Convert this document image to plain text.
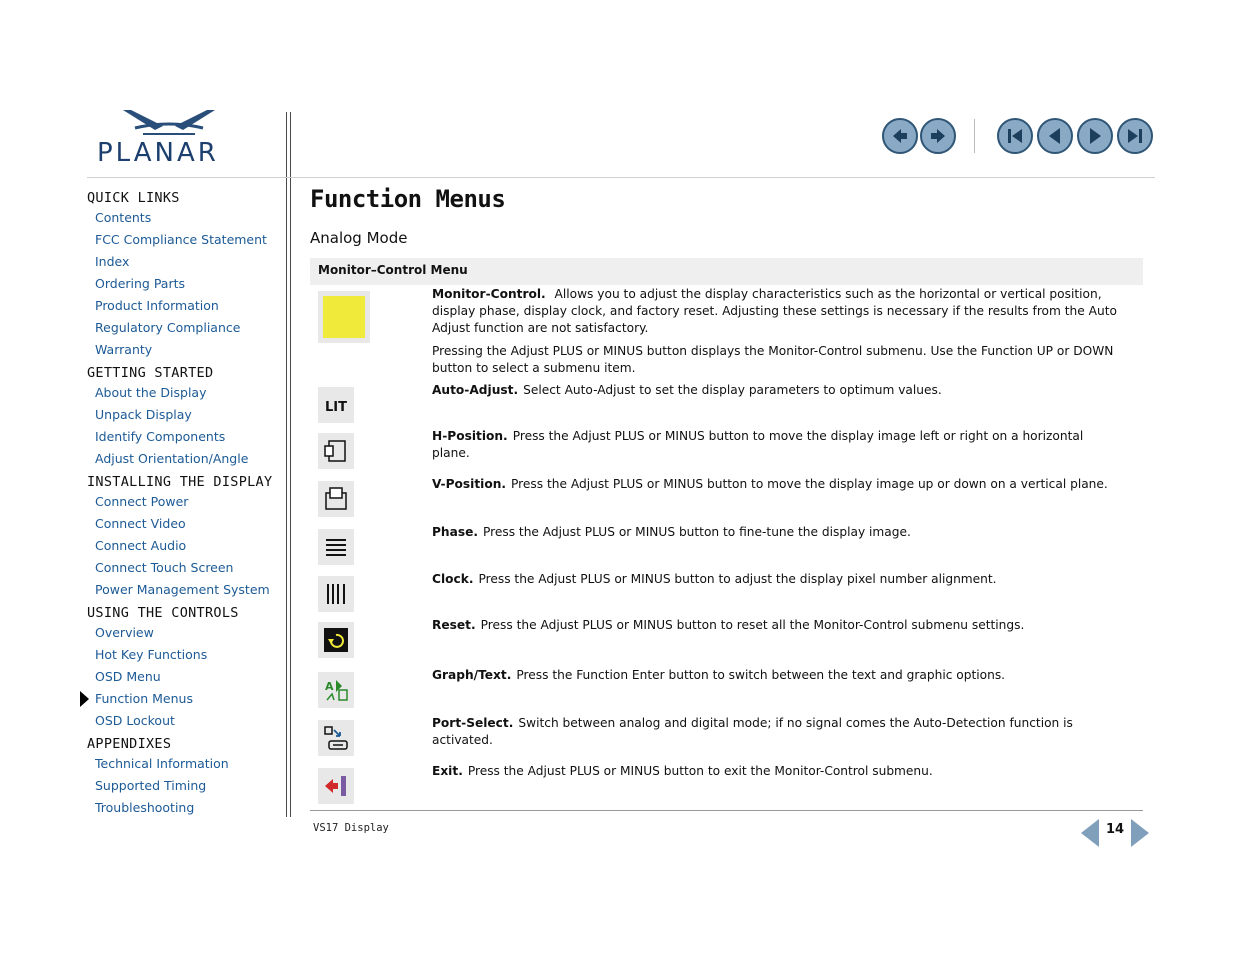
PLANAR
QUICK LINKS
Contents
FCC Compliance Statement
Index
Ordering Parts
Product Information
Regulatory Compliance
Warranty
GETTING STARTED
About the Display
Unpack Display
Identify Components
Adjust Orientation/Angle
INSTALLING THE DISPLAY
Connect Power
Connect Video
Connect Audio
Connect Touch Screen
Power Management System
USING THE CONTROLS
Overview
Hot Key Functions
OSD Menu
Function Menus
OSD Lockout
APPENDIXES
Technical Information
Supported Timing
Troubleshooting
Function Menus
Analog Mode
Monitor–Control Menu
Monitor-Control. Allows you to adjust the display characteristics such as the horizontal or vertical position, display phase, display clock, and factory reset. Adjusting these settings is necessary if the results from the Auto Adjust function are not satisfactory.
Pressing the Adjust PLUS or MINUS button displays the Monitor-Control submenu. Use the Function UP or DOWN button to select a submenu item.
LIT
Auto-Adjust. Select Auto-Adjust to set the display parameters to optimum values.
H-Position. Press the Adjust PLUS or MINUS button to move the display image left or right on a horizontal plane.
V-Position. Press the Adjust PLUS or MINUS button to move the display image up or down on a vertical plane.
Phase. Press the Adjust PLUS or MINUS button to fine-tune the display image.
Clock. Press the Adjust PLUS or MINUS button to adjust the display pixel number alignment.
Reset. Press the Adjust PLUS or MINUS button to reset all the Monitor-Control submenu settings.
A
Graph/Text. Press the Function Enter button to switch between the text and graphic options.
Port-Select. Switch between analog and digital mode; if no signal comes the Auto-Detection function is activated.
Exit. Press the Adjust PLUS or MINUS button to exit the Monitor-Control submenu.
VS17 Display	14
